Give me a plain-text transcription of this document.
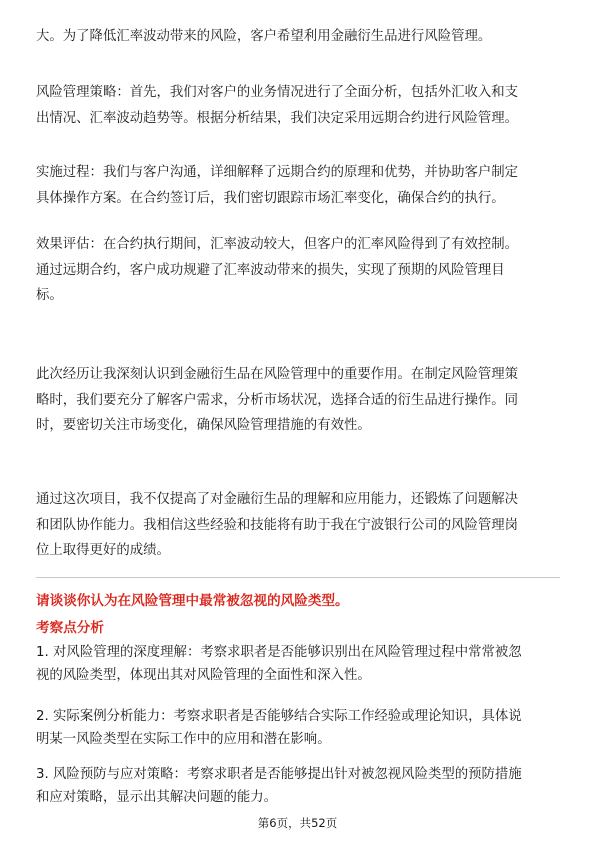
大。为了降低汇率波动带来的风险，客户希望利用金融衍生品进行风险管理。

风险管理策略：首先，我们对客户的业务情况进行了全面分析，包括外汇收入和支
出情况、汇率波动趋势等。根据分析结果，我们决定采用远期合约进行风险管理。

实施过程：我们与客户沟通，详细解释了远期合约的原理和优势，并协助客户制定
具体操作方案。在合约签订后，我们密切跟踪市场汇率变化，确保合约的执行。

效果评估：在合约执行期间，汇率波动较大，但客户的汇率风险得到了有效控制。
通过远期合约，客户成功规避了汇率波动带来的损失，实现了预期的风险管理目
标。

此次经历让我深刻认识到金融衍生品在风险管理中的重要作用。在制定风险管理策
略时，我们要充分了解客户需求，分析市场状况，选择合适的衍生品进行操作。同
时，要密切关注市场变化，确保风险管理措施的有效性。

通过这次项目，我不仅提高了对金融衍生品的理解和应用能力，还锻炼了问题解决
和团队协作能力。我相信这些经验和技能将有助于我在宁波银行公司的风险管理岗
位上取得更好的成绩。

请谈谈你认为在风险管理中最常被忽视的风险类型。
考察点分析

1. 对风险管理的深度理解：考察求职者是否能够识别出在风险管理过程中常常被忽
视的风险类型，体现出其对风险管理的全面性和深入性。

2. 实际案例分析能力：考察求职者是否能够结合实际工作经验或理论知识，具体说
明某一风险类型在实际工作中的应用和潜在影响。

3. 风险预防与应对策略：考察求职者是否能够提出针对被忽视风险类型的预防措施
和应对策略，显示出其解决问题的能力。

第6页，共52页
